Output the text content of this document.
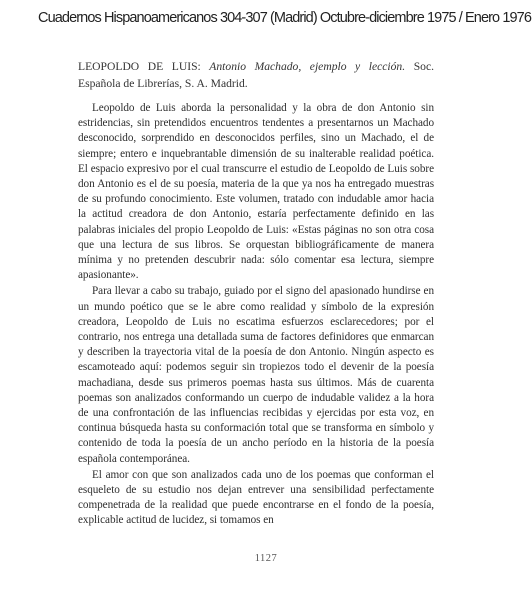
Cuadernos Hispanoamericanos 304-307 (Madrid) Octubre-diciembre 1975 / Enero 1976
LEOPOLDO DE LUIS: Antonio Machado, ejemplo y lección. Soc. Española de Librerías, S. A. Madrid.

Leopoldo de Luis aborda la personalidad y la obra de don Antonio sin estridencias, sin pretendidos encuentros tendentes a presentarnos un Machado desconocido, sorprendido en desconocidos perfiles, sino un Machado, el de siempre; entero e inquebrantable dimensión de su inalterable realidad poética. El espacio expresivo por el cual transcurre el estudio de Leopoldo de Luis sobre don Antonio es el de su poesía, materia de la que ya nos ha entregado muestras de su profundo conocimiento. Este volumen, tratado con indudable amor hacia la actitud creadora de don Antonio, estaría perfectamente definido en las palabras iniciales del propio Leopoldo de Luis: «Estas páginas no son otra cosa que una lectura de sus libros. Se orquestan bibliográficamente de manera mínima y no pretenden descubrir nada: sólo comentar esa lectura, siempre apasionante».

Para llevar a cabo su trabajo, guiado por el signo del apasionado hundirse en un mundo poético que se le abre como realidad y símbolo de la expresión creadora, Leopoldo de Luis no escatima esfuerzos esclarecedores; por el contrario, nos entrega una detallada suma de factores definidores que enmarcan y describen la trayectoria vital de la poesía de don Antonio. Ningún aspecto es escamoteado aquí: podemos seguir sin tropiezos todo el devenir de la poesía machadiana, desde sus primeros poemas hasta sus últimos. Más de cuarenta poemas son analizados conformando un cuerpo de indudable validez a la hora de una confrontación de las influencias recibidas y ejercidas por esta voz, en continua búsqueda hasta su conformación total que se transforma en símbolo y contenido de toda la poesía de un ancho período en la historia de la poesía española contemporánea.

El amor con que son analizados cada uno de los poemas que conforman el esqueleto de su estudio nos dejan entrever una sensibilidad perfectamente compenetrada de la realidad que puede encontrarse en el fondo de la poesía, explicable actitud de lucidez, si tomamos en

1127
